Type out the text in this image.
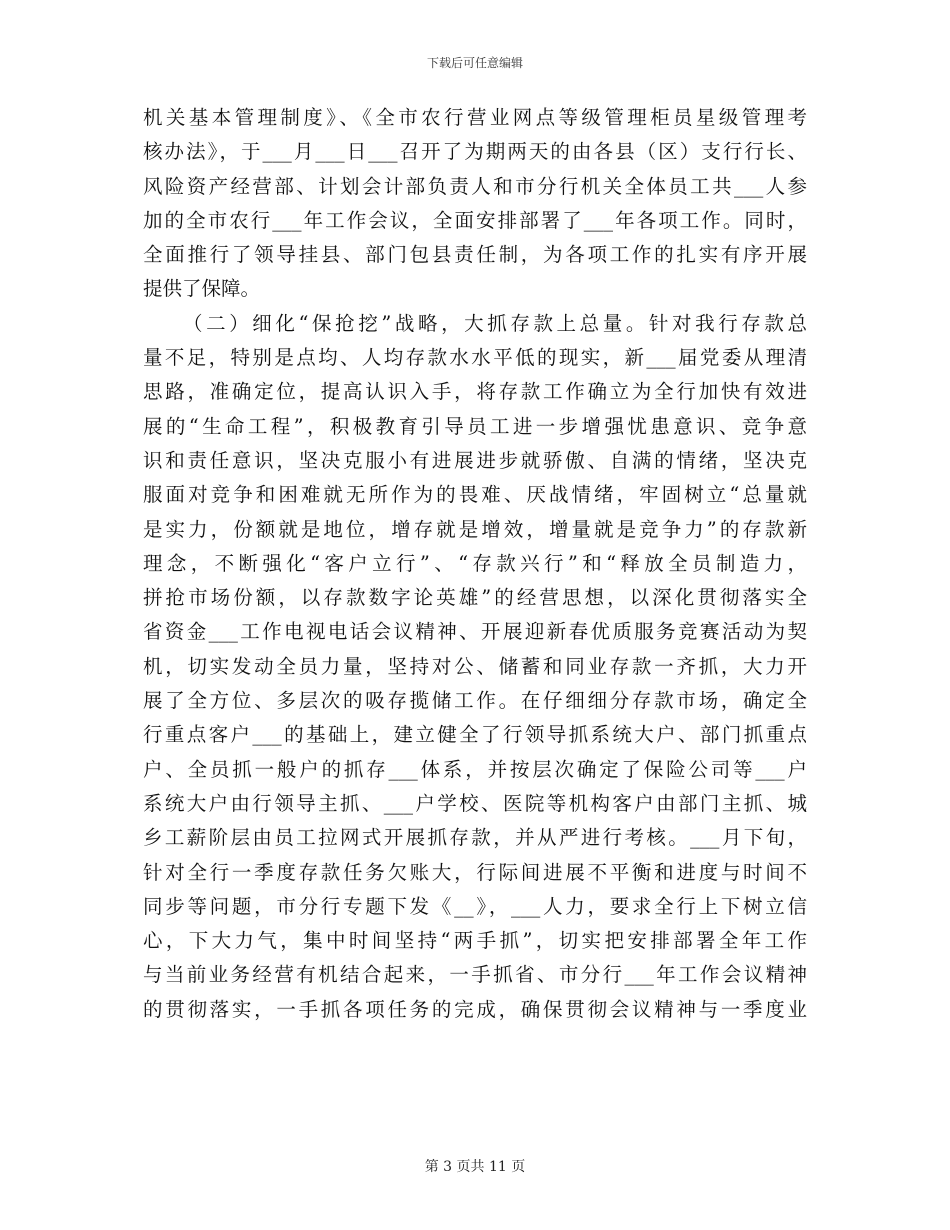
下载后可任意编辑
机关基本管理制度》、《全市农行营业网点等级管理柜员星级管理考
核办法》，于___月___日___召开了为期两天的由各县（区）支行行长、
风险资产经营部、计划会计部负责人和市分行机关全体员工共___人参
加的全市农行___年工作会议，全面安排部署了___年各项工作。同时，
全面推行了领导挂县、部门包县责任制，为各项工作的扎实有序开展
提供了保障。
（二）细化“保抢挖”战略，大抓存款上总量。针对我行存款总
量不足，特别是点均、人均存款水水平低的现实，新___届党委从理清
思路，准确定位，提高认识入手，将存款工作确立为全行加快有效进
展的“生命工程”，积极教育引导员工进一步增强忧患意识、竞争意
识和责任意识，坚决克服小有进展进步就骄傲、自满的情绪，坚决克
服面对竞争和困难就无所作为的畏难、厌战情绪，牢固树立“总量就
是实力，份额就是地位，增存就是增效，增量就是竞争力”的存款新
理念，不断强化“客户立行”、“存款兴行”和“释放全员制造力，
拼抢市场份额，以存款数字论英雄”的经营思想，以深化贯彻落实全
省资金___工作电视电话会议精神、开展迎新春优质服务竞赛活动为契
机，切实发动全员力量，坚持对公、储蓄和同业存款一齐抓，大力开
展了全方位、多层次的吸存揽储工作。在仔细细分存款市场，确定全
行重点客户___的基础上，建立健全了行领导抓系统大户、部门抓重点
户、全员抓一般户的抓存___体系，并按层次确定了保险公司等___户
系统大户由行领导主抓、___户学校、医院等机构客户由部门主抓、城
乡工薪阶层由员工拉网式开展抓存款，并从严进行考核。___月下旬，
针对全行一季度存款任务欠账大，行际间进展不平衡和进度与时间不
同步等问题，市分行专题下发《__》，___人力，要求全行上下树立信
心，下大力气，集中时间坚持“两手抓”，切实把安排部署全年工作
与当前业务经营有机结合起来，一手抓省、市分行___年工作会议精神
的贯彻落实，一手抓各项任务的完成，确保贯彻会议精神与一季度业
第 3 页共 11 页
